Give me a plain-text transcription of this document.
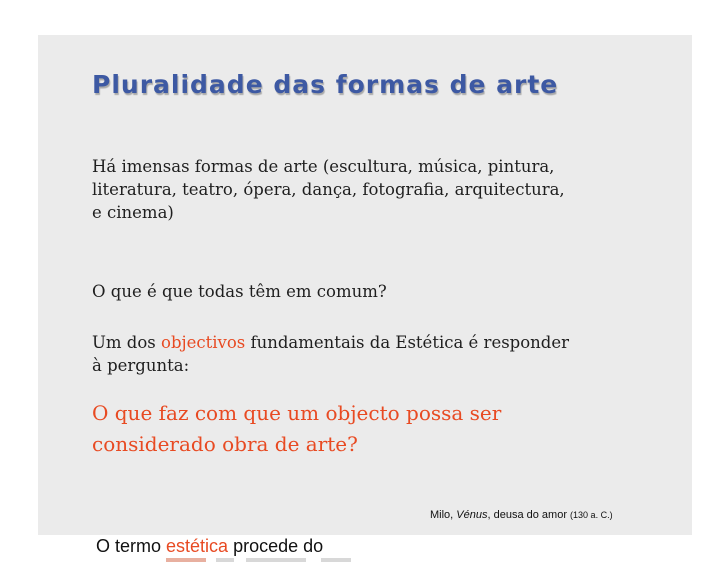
Pluralidade das formas de arte
Há imensas formas de arte (escultura, música, pintura,
literatura, teatro, ópera, dança, fotografia, arquitectura,
e cinema)
O que é que todas têm em comum?
Um dos objectivos fundamentais da Estética é responder
à pergunta:
O que faz com que um objecto possa ser
considerado obra de arte?
Milo, Vénus, deusa do amor (130 a. C.)
O termo estética procede do
